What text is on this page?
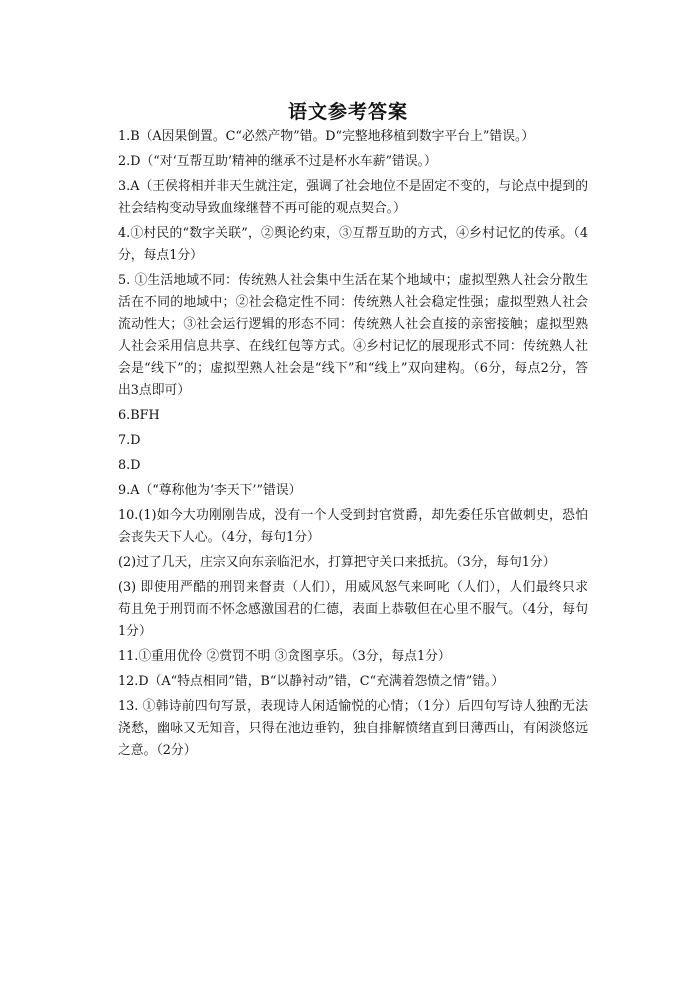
语文参考答案

1.B（A因果倒置。C“必然产物”错。D“完整地移植到数字平台上”错误。）

2.D（“对‘互帮互助’精神的继承不过是杯水车薪”错误。）

3.A（王侯将相并非天生就注定，强调了社会地位不是固定不变的，与论点中提到的社会结构变动导致血缘继替不再可能的观点契合。）

4.①村民的“数字关联”，②舆论约束，③互帮互助的方式，④乡村记忆的传承。（4分，每点1分）

5. ①生活地域不同：传统熟人社会集中生活在某个地域中；虚拟型熟人社会分散生活在不同的地域中；②社会稳定性不同：传统熟人社会稳定性强；虚拟型熟人社会流动性大；③社会运行逻辑的形态不同：传统熟人社会直接的亲密接触；虚拟型熟人社会采用信息共享、在线红包等方式。④乡村记忆的展现形式不同：传统熟人社会是“线下”的；虚拟型熟人社会是“线下”和“线上”双向建构。（6分，每点2分，答出3点即可）

6.BFH

7.D

8.D

9.A（“尊称他为‘李天下’”错误）

10.(1)如今大功刚刚告成，没有一个人受到封官赏爵，却先委任乐官做刺史，恐怕会丧失天下人心。（4分，每句1分）

(2)过了几天，庄宗又向东亲临汜水，打算把守关口来抵抗。（3分，每句1分）

(3) 即使用严酷的刑罚来督责（人们），用威风怒气来呵叱（人们），人们最终只求苟且免于刑罚而不怀念感激国君的仁德，表面上恭敬但在心里不服气。（4分，每句1分）

11.①重用优伶 ②赏罚不明 ③贪图享乐。（3分，每点1分）

12.D（A“特点相同”错，B“以静衬动”错，C“充满着怨愤之情”错。）

13. ①韩诗前四句写景，表现诗人闲适愉悦的心情；（1分）后四句写诗人独酌无法浇愁，幽咏又无知音，只得在池边垂钓，独自排解愤绪直到日薄西山，有闲淡悠远之意。（2分）
